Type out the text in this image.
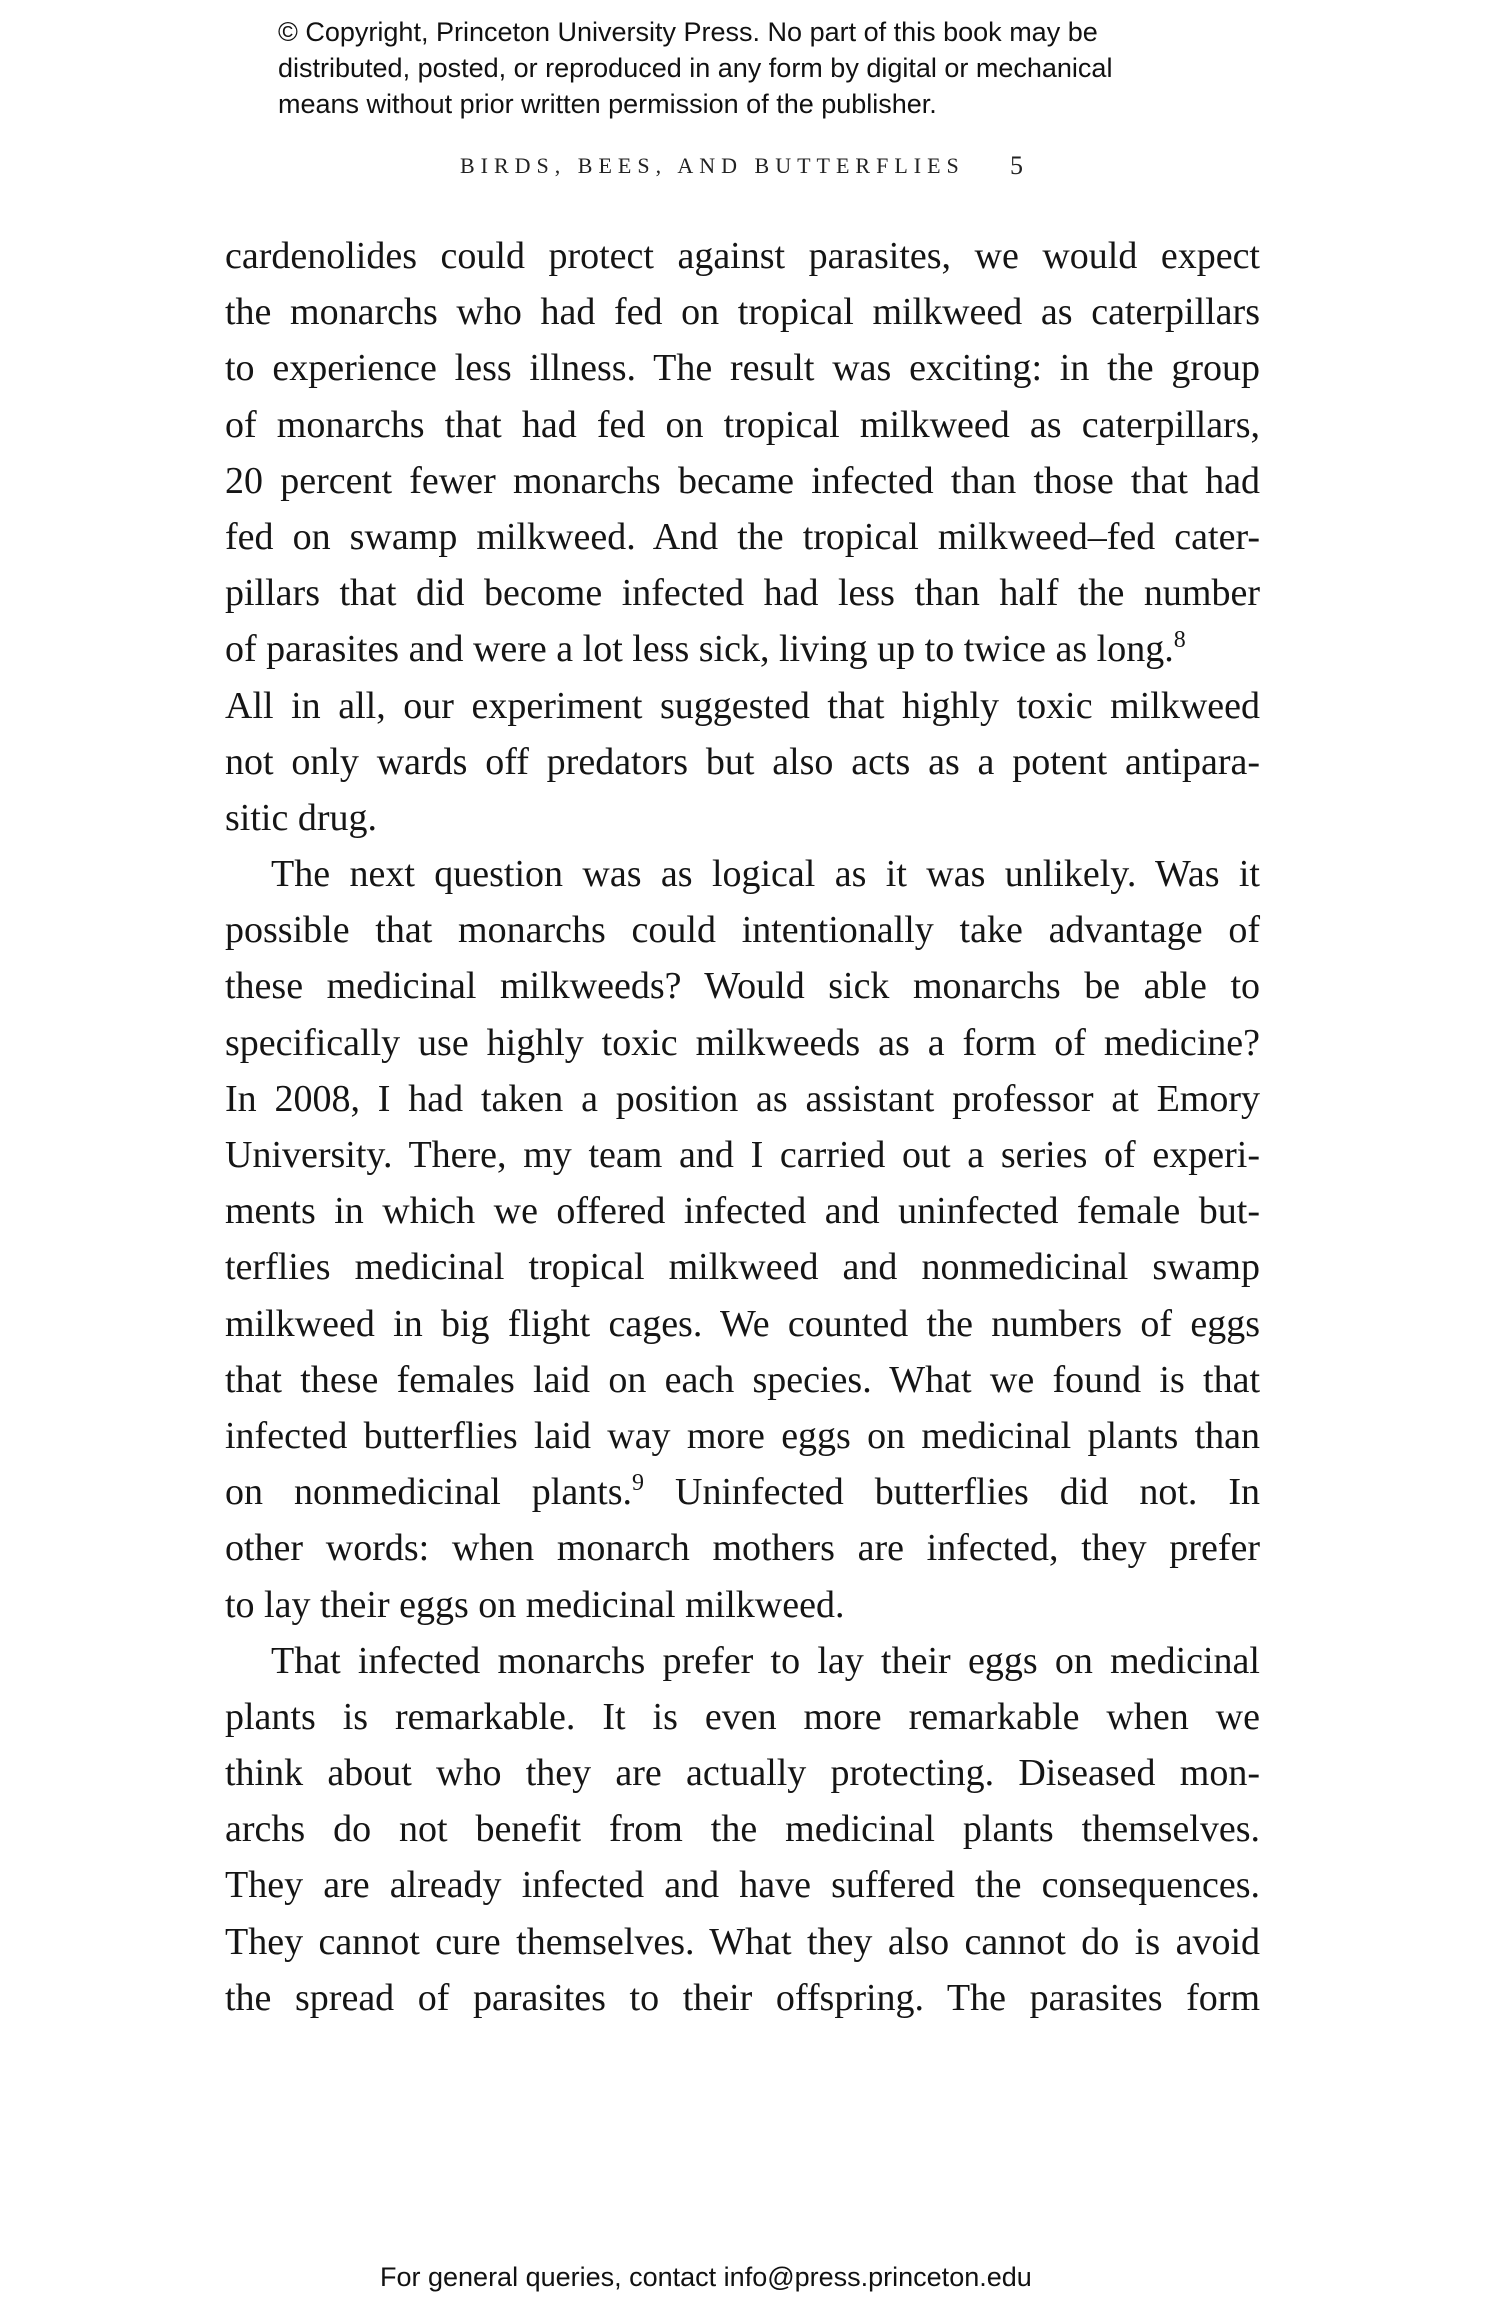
© Copyright, Princeton University Press. No part of this book may be
distributed, posted, or reproduced in any form by digital or mechanical
means without prior written permission of the publisher.
BIRDS, BEES, AND BUTTERFLIES 5
cardenolides could protect against parasites, we would expect
the monarchs who had fed on tropical milkweed as caterpillars
to experience less illness. The result was exciting: in the group
of monarchs that had fed on tropical milkweed as caterpillars,
20 percent fewer monarchs became infected than those that had
fed on swamp milkweed. And the tropical milkweed–fed cater-
pillars that did become infected had less than half the number
of parasites and were a lot less sick, living up to twice as long.$^8$
All in all, our experiment suggested that highly toxic milkweed
not only wards off predators but also acts as a potent antipara-
sitic drug.
The next question was as logical as it was unlikely. Was it
possible that monarchs could intentionally take advantage of
these medicinal milkweeds? Would sick monarchs be able to
specifically use highly toxic milkweeds as a form of medicine?
In 2008, I had taken a position as assistant professor at Emory
University. There, my team and I carried out a series of experi-
ments in which we offered infected and uninfected female but-
terflies medicinal tropical milkweed and nonmedicinal swamp
milkweed in big flight cages. We counted the numbers of eggs
that these females laid on each species. What we found is that
infected butterflies laid way more eggs on medicinal plants than
on nonmedicinal plants.$^9$ Uninfected butterflies did not. In
other words: when monarch mothers are infected, they prefer
to lay their eggs on medicinal milkweed.
That infected monarchs prefer to lay their eggs on medicinal
plants is remarkable. It is even more remarkable when we
think about who they are actually protecting. Diseased mon-
archs do not benefit from the medicinal plants themselves.
They are already infected and have suffered the consequences.
They cannot cure themselves. What they also cannot do is avoid
the spread of parasites to their offspring. The parasites form
For general queries, contact info@press.princeton.edu
